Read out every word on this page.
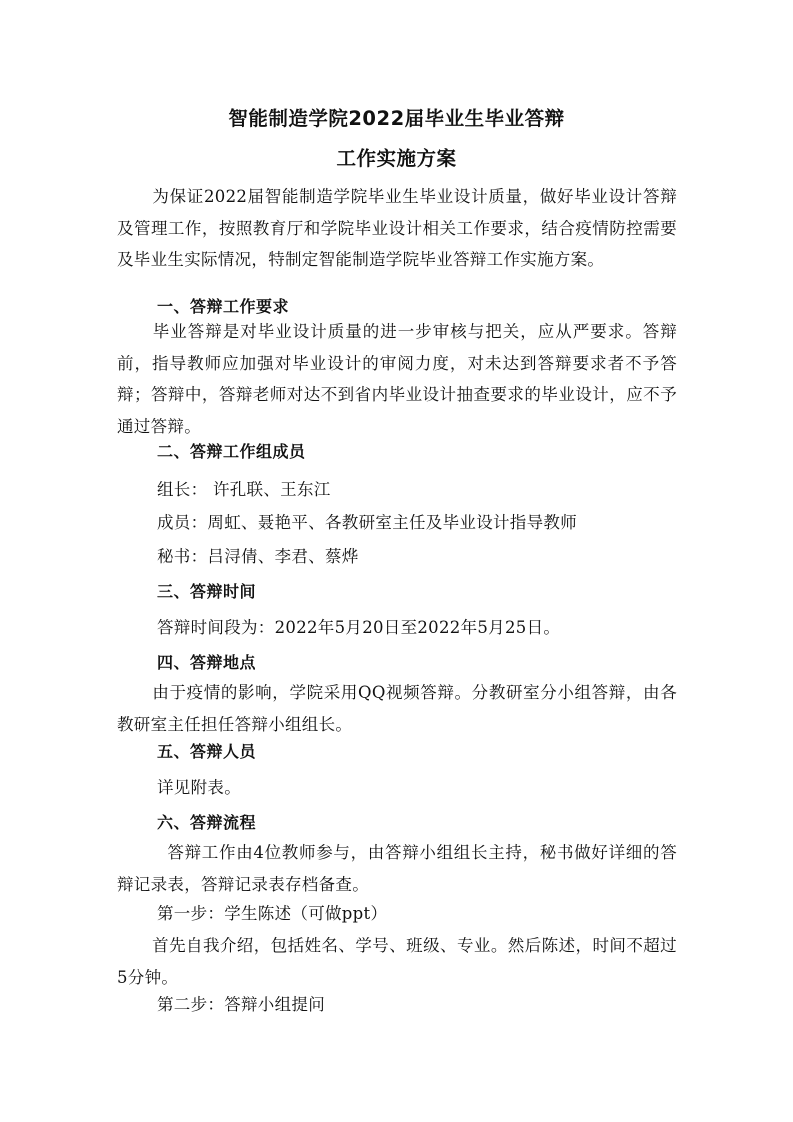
智能制造学院2022届毕业生毕业答辩
工作实施方案
为保证2022届智能制造学院毕业生毕业设计质量，做好毕业设计答辩及管理工作，按照教育厅和学院毕业设计相关工作要求，结合疫情防控需要及毕业生实际情况，特制定智能制造学院毕业答辩工作实施方案。
一、答辩工作要求
毕业答辩是对毕业设计质量的进一步审核与把关，应从严要求。答辩前，指导教师应加强对毕业设计的审阅力度，对未达到答辩要求者不予答辩；答辩中，答辩老师对达不到省内毕业设计抽查要求的毕业设计，应不予通过答辩。
二、答辩工作组成员
组长： 许孔联、王东江
成员：周虹、聂艳平、各教研室主任及毕业设计指导教师
秘书：吕浔倩、李君、蔡烨
三、答辩时间
答辩时间段为：2022年5月20日至2022年5月25日。
四、答辩地点
由于疫情的影响，学院采用QQ视频答辩。分教研室分小组答辩，由各教研室主任担任答辩小组组长。
五、答辩人员
详见附表。
六、答辩流程
答辩工作由4位教师参与，由答辩小组组长主持，秘书做好详细的答辩记录表，答辩记录表存档备查。
第一步：学生陈述（可做ppt）
首先自我介绍，包括姓名、学号、班级、专业。然后陈述，时间不超过5分钟。
第二步：答辩小组提问
